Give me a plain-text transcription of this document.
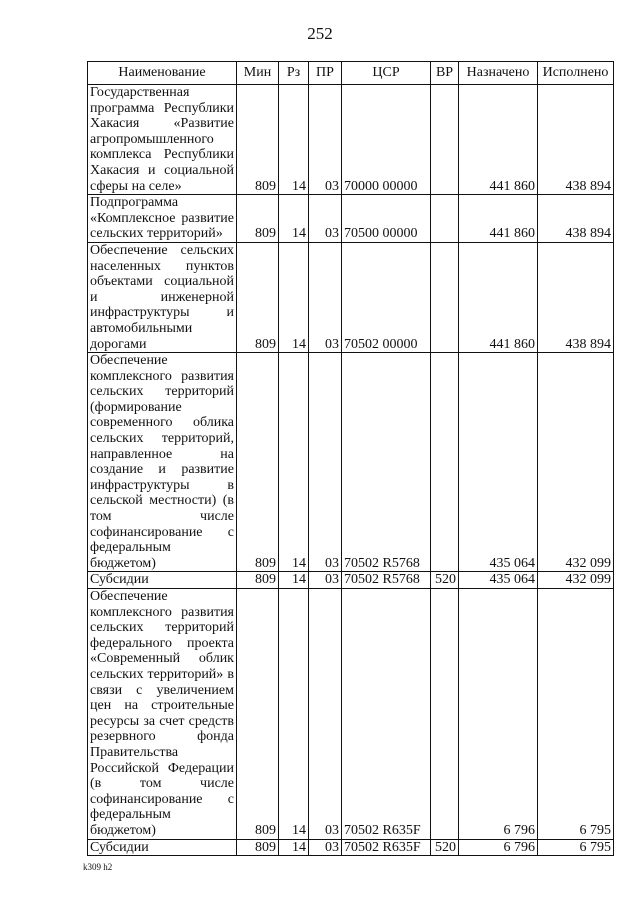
252
Наименование	Мин	Рз	ПР	ЦСР	ВР	Назначено	Исполнено
Государственная программа Республики Хакасия «Развитие агропромышленного комплекса Республики Хакасия и социальной сферы на селе»	809	14	03	70000 00000		441 860	438 894
Подпрограмма «Комплексное развитие сельских территорий»	809	14	03	70500 00000		441 860	438 894
Обеспечение сельских населенных пунктов объектами социальной и инженерной инфраструктуры и автомобильными дорогами	809	14	03	70502 00000		441 860	438 894
Обеспечение комплексного развития сельских территорий (формирование современного облика сельских территорий, направленное на создание и развитие инфраструктуры в сельской местности) (в том числе софинансирование с федеральным бюджетом)	809	14	03	70502 R5768		435 064	432 099
Субсидии	809	14	03	70502 R5768	520	435 064	432 099
Обеспечение комплексного развития сельских территорий федерального проекта «Современный облик сельских территорий» в связи с увеличением цен на строительные ресурсы за счет средств резервного фонда Правительства Российской Федерации (в том числе софинансирование с федеральным бюджетом)	809	14	03	70502 R635F		6 796	6 795
Субсидии	809	14	03	70502 R635F	520	6 796	6 795
k309 h2
